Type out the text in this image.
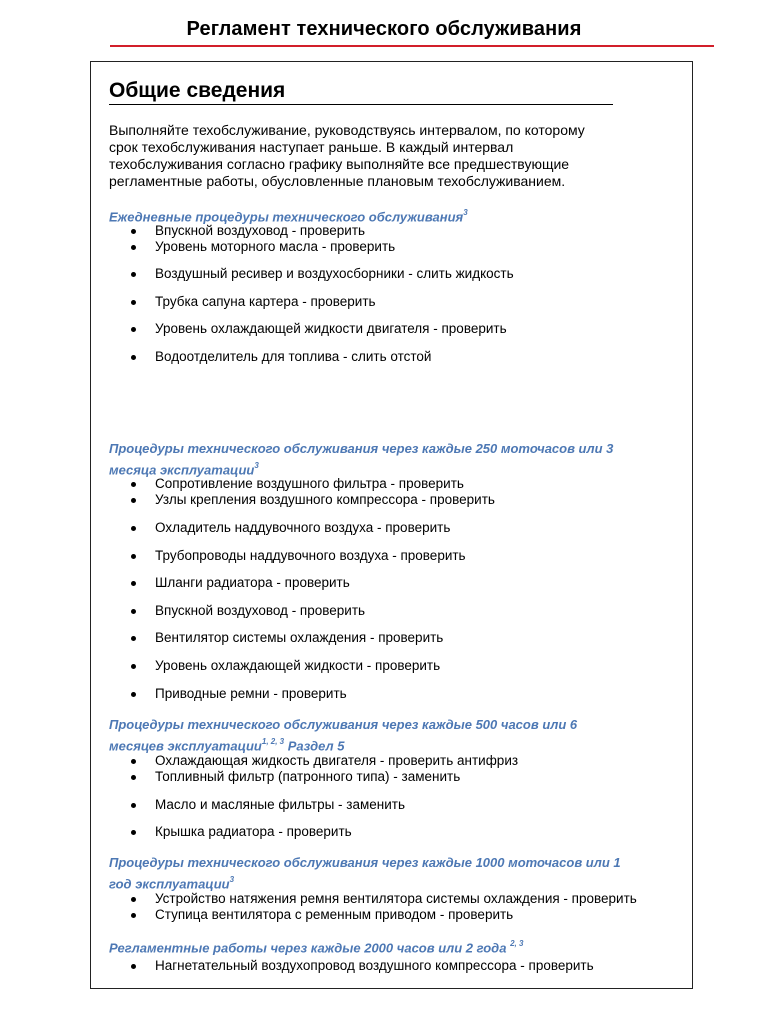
Регламент технического обслуживания
Общие сведения
Выполняйте техобслуживание, руководствуясь интервалом, по которому
срок техобслуживания наступает раньше. В каждый интервал
техобслуживания согласно графику выполняйте все предшествующие
регламентные работы, обусловленные плановым техобслуживанием.
Ежедневные процедуры технического обслуживания$^3$
Впускной воздуховод - проверить
Уровень моторного масла - проверить
Воздушный ресивер и воздухосборники - слить жидкость
Трубка сапуна картера - проверить
Уровень охлаждающей жидкости двигателя - проверить
Водоотделитель для топлива - слить отстой
Процедуры технического обслуживания через каждые 250 моточасов или 3
месяца эксплуатации$^3$
Сопротивление воздушного фильтра - проверить
Узлы крепления воздушного компрессора - проверить
Охладитель наддувочного воздуха - проверить
Трубопроводы наддувочного воздуха - проверить
Шланги радиатора - проверить
Впускной воздуховод - проверить
Вентилятор системы охлаждения - проверить
Уровень охлаждающей жидкости - проверить
Приводные ремни - проверить
Процедуры технического обслуживания через каждые 500 часов или 6
месяцев эксплуатации$^{1, 2, 3}$ Раздел 5
Охлаждающая жидкость двигателя - проверить антифриз
Топливный фильтр (патронного типа) - заменить
Масло и масляные фильтры - заменить
Крышка радиатора - проверить
Процедуры технического обслуживания через каждые 1000 моточасов или 1
год эксплуатации$^3$
Устройство натяжения ремня вентилятора системы охлаждения - проверить
Ступица вентилятора с ременным приводом - проверить
Регламентные работы через каждые 2000 часов или 2 года $^{2, 3}$
Нагнетательный воздухопровод воздушного компрессора - проверить
